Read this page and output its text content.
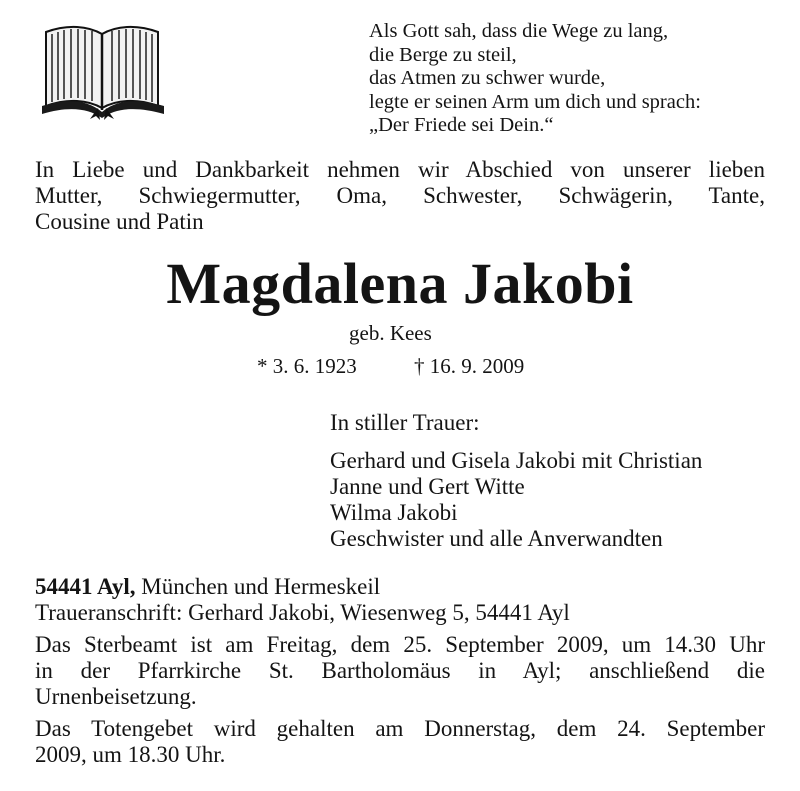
Als Gott sah, dass die Wege zu lang,
die Berge zu steil,
das Atmen zu schwer wurde,
legte er seinen Arm um dich und sprach:
„Der Friede sei Dein.“
In Liebe und Dankbarkeit nehmen wir Abschied von unserer lieben
Mutter, Schwiegermutter, Oma, Schwester, Schwägerin, Tante,
Cousine und Patin
Magdalena Jakobi
geb. Kees
* 3. 6. 1923	† 16. 9. 2009
In stiller Trauer:
Gerhard und Gisela Jakobi mit Christian
Janne und Gert Witte
Wilma Jakobi
Geschwister und alle Anverwandten
54441 Ayl, München und Hermeskeil
Traueranschrift: Gerhard Jakobi, Wiesenweg 5, 54441 Ayl
Das Sterbeamt ist am Freitag, dem 25. September 2009, um 14.30 Uhr
in der Pfarrkirche St. Bartholomäus in Ayl; anschließend die
Urnenbeisetzung.
Das Totengebet wird gehalten am Donnerstag, dem 24. September
2009, um 18.30 Uhr.
